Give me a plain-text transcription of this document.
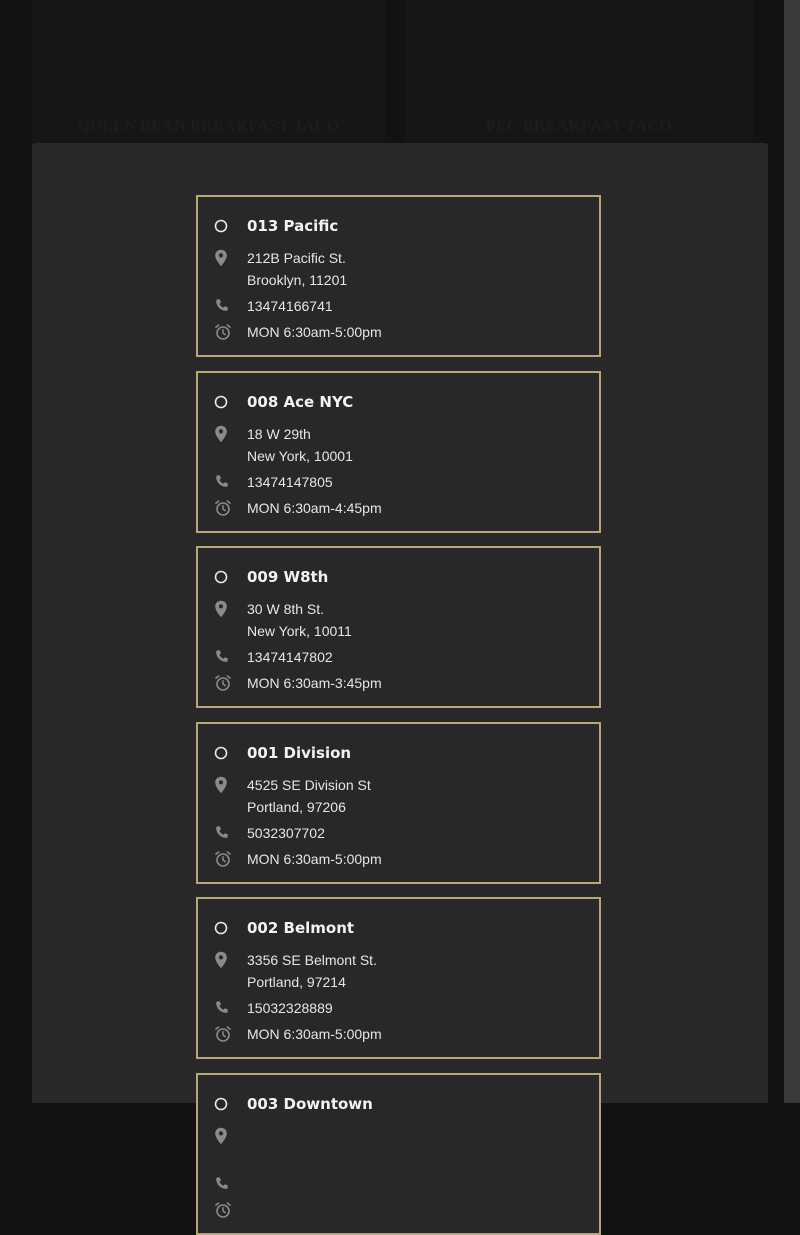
QUEEN BEAN BREAKFAST TACO	PEC BREAKFAST TACO
013 Pacific
212B Pacific St.
Brooklyn, 11201
13474166741
MON 6:30am-5:00pm
008 Ace NYC
18 W 29th
New York, 10001
13474147805
MON 6:30am-4:45pm
009 W8th
30 W 8th St.
New York, 10011
13474147802
MON 6:30am-3:45pm
001 Division
4525 SE Division St
Portland, 97206
5032307702
MON 6:30am-5:00pm
002 Belmont
3356 SE Belmont St.
Portland, 97214
15032328889
MON 6:30am-5:00pm
003 Downtown
